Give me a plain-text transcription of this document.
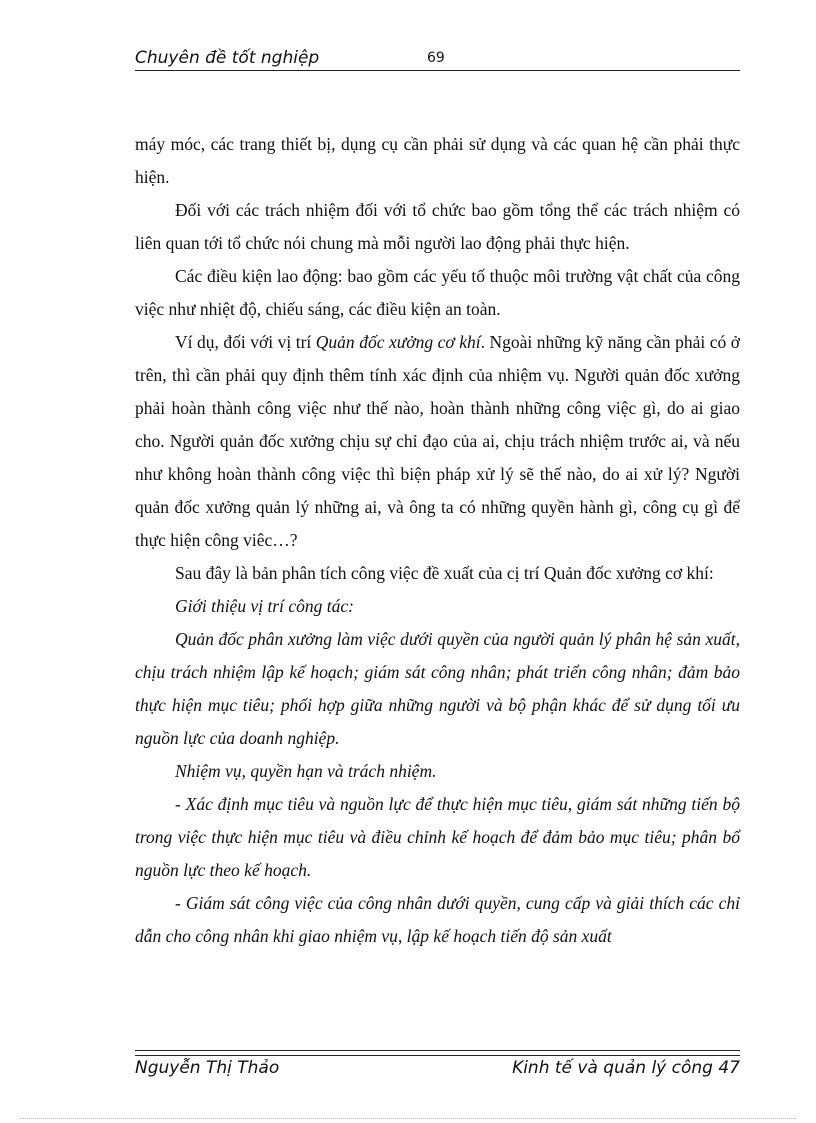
Chuyên đề tốt nghiệp	69

máy móc, các trang thiết bị, dụng cụ cần phải sử dụng và các quan hệ cần phải thực hiện.

Đối với các trách nhiệm đối với tổ chức bao gồm tổng thể các trách nhiệm có liên quan tới tổ chức nói chung mà mỗi người lao động phải thực hiện.

Các điều kiện lao động: bao gồm các yếu tố thuộc môi trường vật chất của công việc như nhiệt độ, chiếu sáng, các điều kiện an toàn.

Ví dụ, đối với vị trí Quản đốc xưởng cơ khí. Ngoài những kỹ năng cần phải có ở trên, thì cần phải quy định thêm tính xác định của nhiệm vụ. Người quản đốc xưởng phải hoàn thành công việc như thế nào, hoàn thành những công việc gì, do ai giao cho. Người quản đốc xưởng chịu sự chỉ đạo của ai, chịu trách nhiệm trước ai, và nếu như không hoàn thành công việc thì biện pháp xử lý sẽ thế nào, do ai xử lý? Người quản đốc xưởng quản lý những ai, và ông ta có những quyền hành gì, công cụ gì để thực hiện công viêc…?

Sau đây là bản phân tích công việc đề xuất của cị trí Quản đốc xưởng cơ khí:

Giới thiệu vị trí công tác:

Quản đốc phân xưởng làm việc dưới quyền của người quản lý phân hệ sản xuất, chịu trách nhiệm lập kế hoạch; giám sát công nhân; phát triển công nhân; đảm bảo thực hiện mục tiêu; phối hợp giữa những người và bộ phận khác để sử dụng tối ưu nguồn lực của doanh nghiệp.

Nhiệm vụ, quyền hạn và trách nhiệm.

- Xác định mục tiêu và nguồn lực để thực hiện mục tiêu, giám sát những tiến bộ trong việc thực hiện mục tiêu và điều chỉnh kế hoạch để đảm bảo mục tiêu; phân bổ nguồn lực theo kế hoạch.

- Giám sát công việc của công nhân dưới quyền, cung cấp và giải thích các chỉ dẫn cho công nhân khi giao nhiệm vụ, lập kế hoạch tiến độ sản xuất

Nguyễn Thị Thảo	Kinh tế và quản lý công 47
